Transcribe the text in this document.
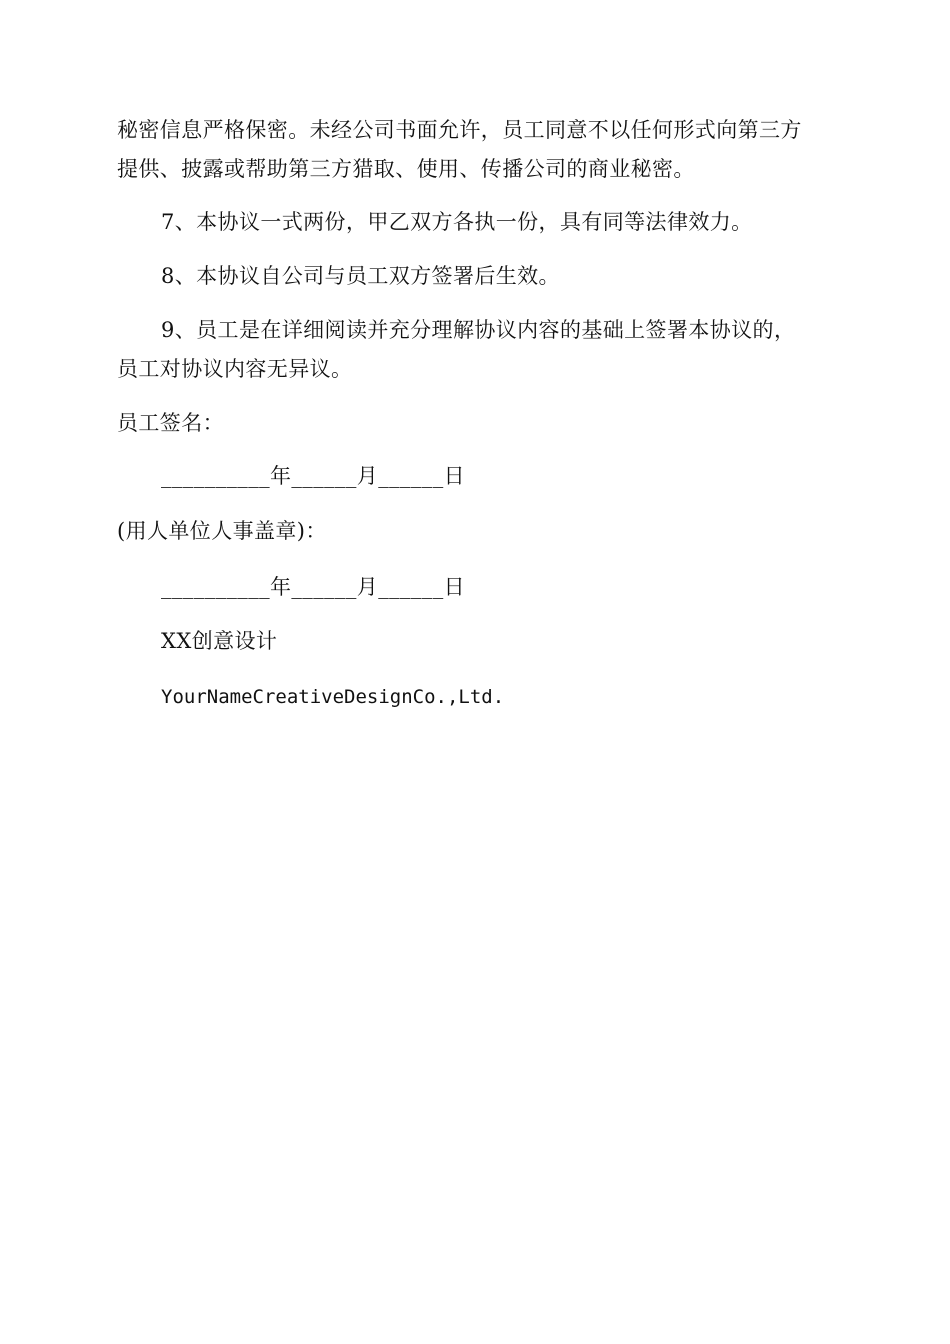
秘密信息严格保密。未经公司书面允许，员工同意不以任何形式向第三方
提供、披露或帮助第三方猎取、使用、传播公司的商业秘密。
7、本协议一式两份，甲乙双方各执一份，具有同等法律效力。
8、本协议自公司与员工双方签署后生效。
9、员工是在详细阅读并充分理解协议内容的基础上签署本协议的，
员工对协议内容无异议。
员工签名：
__________年______月______日
(用人单位人事盖章)：
__________年______月______日
XX创意设计
YourNameCreativeDesignCo.,Ltd.
